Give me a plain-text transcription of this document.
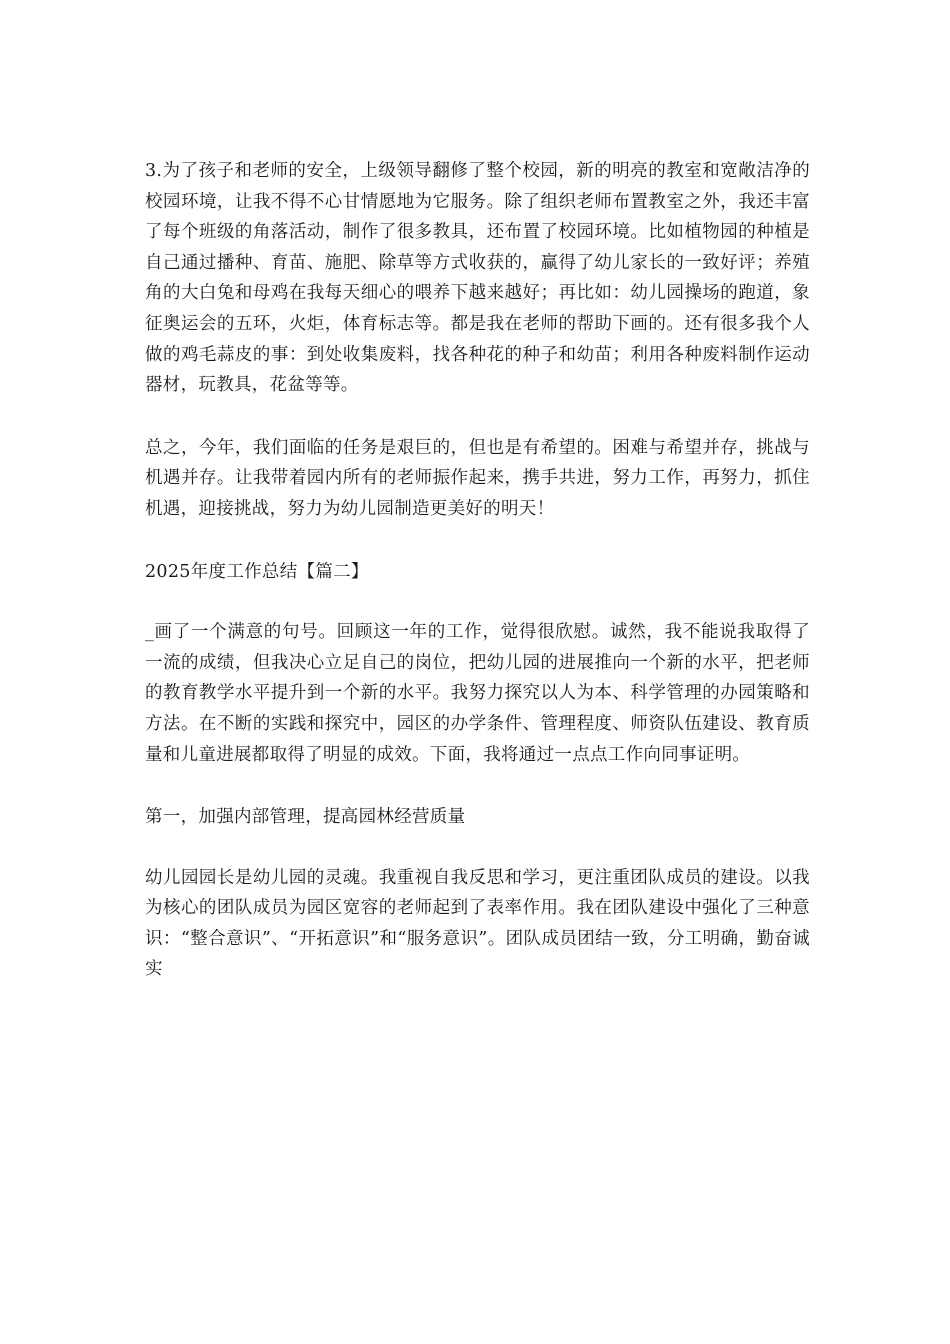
3.为了孩子和老师的安全，上级领导翻修了整个校园，新的明亮的教室和宽敞洁净的校园环境，让我不得不心甘情愿地为它服务。除了组织老师布置教室之外，我还丰富了每个班级的角落活动，制作了很多教具，还布置了校园环境。比如植物园的种植是自己通过播种、育苗、施肥、除草等方式收获的，赢得了幼儿家长的一致好评；养殖角的大白兔和母鸡在我每天细心的喂养下越来越好；再比如：幼儿园操场的跑道，象征奥运会的五环，火炬，体育标志等。都是我在老师的帮助下画的。还有很多我个人做的鸡毛蒜皮的事：到处收集废料，找各种花的种子和幼苗；利用各种废料制作运动器材，玩教具，花盆等等。

总之，今年，我们面临的任务是艰巨的，但也是有希望的。困难与希望并存，挑战与机遇并存。让我带着园内所有的老师振作起来，携手共进，努力工作，再努力，抓住机遇，迎接挑战，努力为幼儿园制造更美好的明天！

2025年度工作总结【篇二】

_画了一个满意的句号。回顾这一年的工作，觉得很欣慰。诚然，我不能说我取得了一流的成绩，但我决心立足自己的岗位，把幼儿园的进展推向一个新的水平，把老师的教育教学水平提升到一个新的水平。我努力探究以人为本、科学管理的办园策略和方法。在不断的实践和探究中，园区的办学条件、管理程度、师资队伍建设、教育质量和儿童进展都取得了明显的成效。下面，我将通过一点点工作向同事证明。

第一，加强内部管理，提高园林经营质量

幼儿园园长是幼儿园的灵魂。我重视自我反思和学习，更注重团队成员的建设。以我为核心的团队成员为园区宽容的老师起到了表率作用。我在团队建设中强化了三种意识：“整合意识”、“开拓意识”和“服务意识”。团队成员团结一致，分工明确，勤奋诚实
